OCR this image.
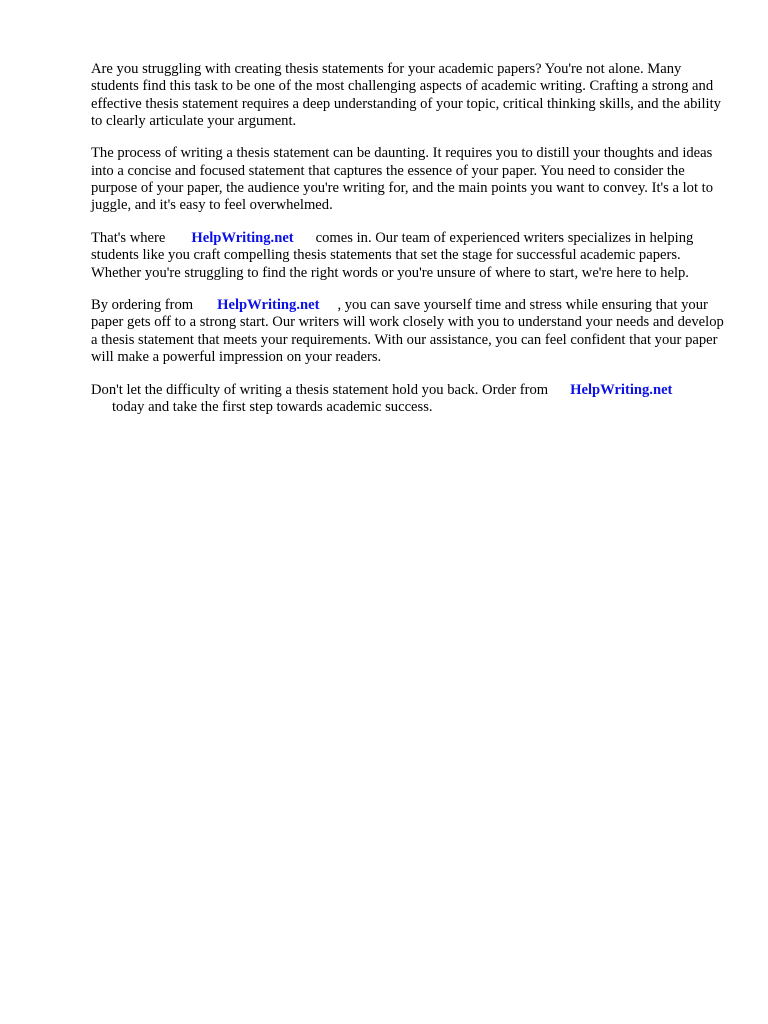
Are you struggling with creating thesis statements for your academic papers? You're not alone. Many students find this task to be one of the most challenging aspects of academic writing. Crafting a strong and effective thesis statement requires a deep understanding of your topic, critical thinking skills, and the ability to clearly articulate your argument.

The process of writing a thesis statement can be daunting. It requires you to distill your thoughts and ideas into a concise and focused statement that captures the essence of your paper. You need to consider the purpose of your paper, the audience you're writing for, and the main points you want to convey. It's a lot to juggle, and it's easy to feel overwhelmed.

That's where HelpWriting.net comes in. Our team of experienced writers specializes in helping students like you craft compelling thesis statements that set the stage for successful academic papers. Whether you're struggling to find the right words or you're unsure of where to start, we're here to help.

By ordering from HelpWriting.net , you can save yourself time and stress while ensuring that your paper gets off to a strong start. Our writers will work closely with you to understand your needs and develop a thesis statement that meets your requirements. With our assistance, you can feel confident that your paper will make a powerful impression on your readers.

Don't let the difficulty of writing a thesis statement hold you back. Order from HelpWriting.net
today and take the first step towards academic success.
